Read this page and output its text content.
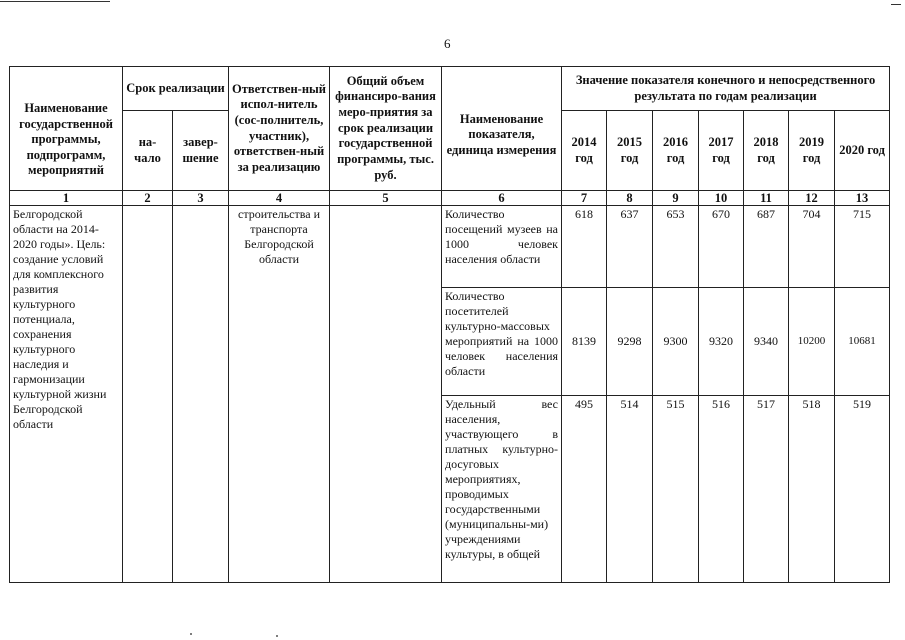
6
Наименование государственной программы, подпрограмм, мероприятий	Срок реализации		Ответствен-ный испол-нитель (сос-полнитель, участник), ответствен-ный за реализацию	Общий объем финансиро-вания меро-приятия за срок реализации государственной программы, тыс. руб.	Наименование показателя, единица измерения	Значение показателя конечного и непосредственного результата по годам реализации						
	на-чало	завер-шение				2014 год	2015 год	2016 год	2017 год	2018 год	2019 год	2020 год
1	2	3	4	5	6	7	8	9	10	11	12	13
Белгородской области на 2014-2020 годы». Цель: создание условий для комплексного развития культурного потенциала, сохранения культурного наследия и гармонизации культурной жизни Белгородской области			строительства и транспорта Белгородской области		Количество посещений музеев на 1000 человек населения области	618	637	653	670	687	704	715
					Количество посетителей культурно-массовых мероприятий на 1000 человек населения области	8139	9298	9300	9320	9340	10200	10681
					Удельный вес населения, участвующего в платных культурно-досуговых мероприятиях, проводимых государственными (муниципальны-ми) учреждениями культуры, в общей	495	514	515	516	517	518	519
